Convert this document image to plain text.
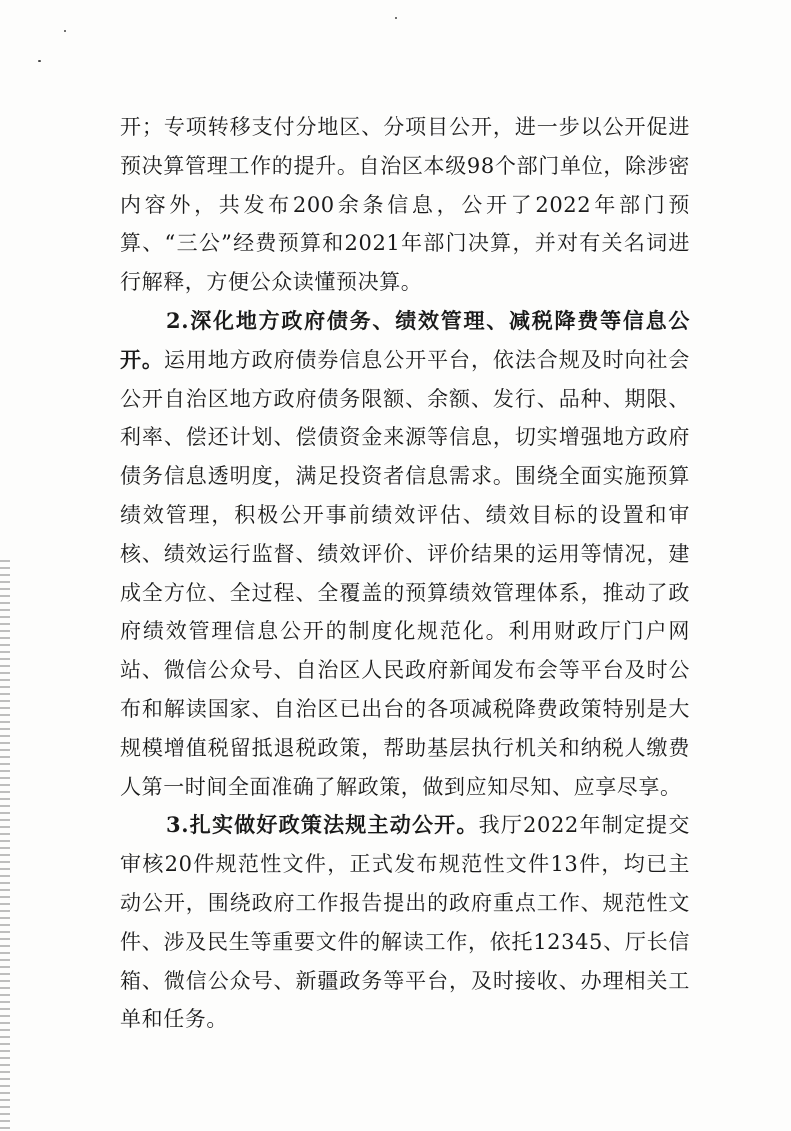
开；专项转移支付分地区、分项目公开，进一步以公开促进预决算管理工作的提升。自治区本级98个部门单位，除涉密内容外，共发布200余条信息，公开了2022年部门预算、“三公”经费预算和2021年部门决算，并对有关名词进行解释，方便公众读懂预决算。

2.深化地方政府债务、绩效管理、减税降费等信息公开。运用地方政府债券信息公开平台，依法合规及时向社会公开自治区地方政府债务限额、余额、发行、品种、期限、利率、偿还计划、偿债资金来源等信息，切实增强地方政府债务信息透明度，满足投资者信息需求。围绕全面实施预算绩效管理，积极公开事前绩效评估、绩效目标的设置和审核、绩效运行监督、绩效评价、评价结果的运用等情况，建成全方位、全过程、全覆盖的预算绩效管理体系，推动了政府绩效管理信息公开的制度化规范化。利用财政厅门户网站、微信公众号、自治区人民政府新闻发布会等平台及时公布和解读国家、自治区已出台的各项减税降费政策特别是大规模增值税留抵退税政策，帮助基层执行机关和纳税人缴费人第一时间全面准确了解政策，做到应知尽知、应享尽享。

3.扎实做好政策法规主动公开。我厅2022年制定提交审核20件规范性文件，正式发布规范性文件13件，均已主动公开，围绕政府工作报告提出的政府重点工作、规范性文件、涉及民生等重要文件的解读工作，依托12345、厅长信箱、微信公众号、新疆政务等平台，及时接收、办理相关工单和任务。
